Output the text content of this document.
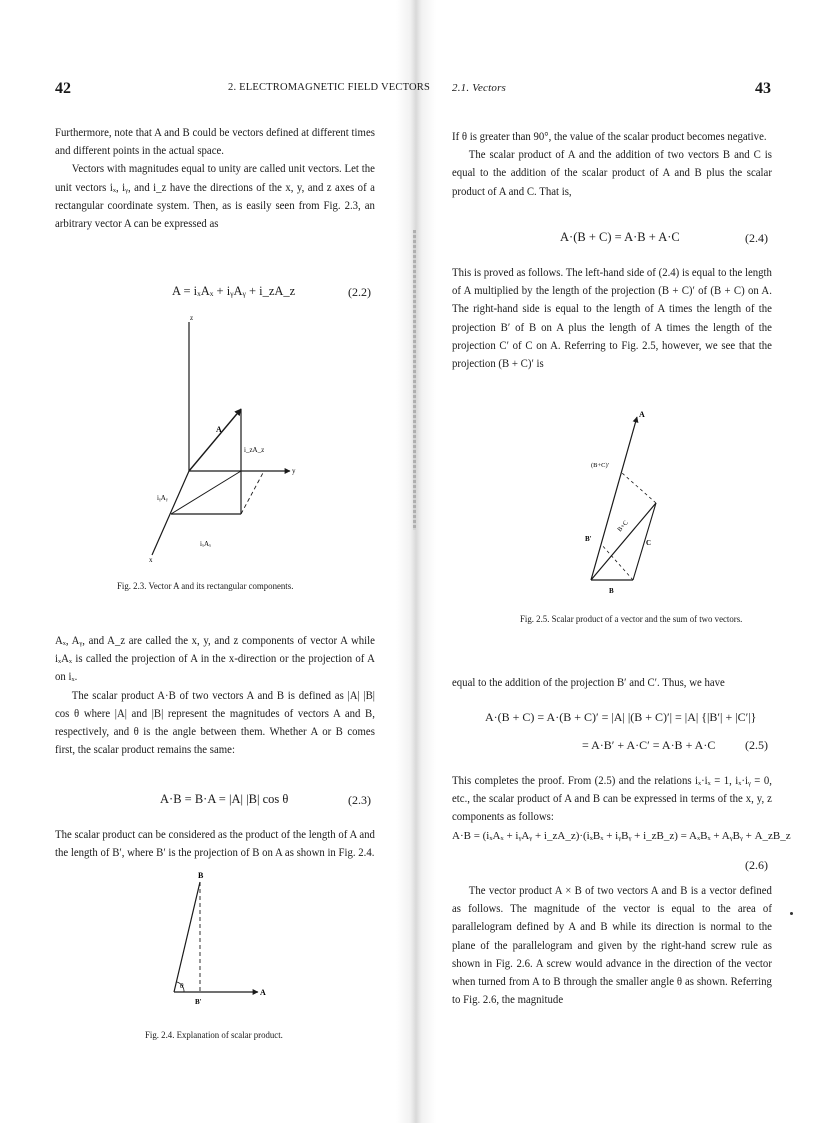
42	2. ELECTROMAGNETIC FIELD VECTORS

Furthermore, note that A and B could be vectors defined at different times and different points in the actual space.

Vectors with magnitudes equal to unity are called unit vectors. Let the unit vectors iₓ, iᵧ, and i_z have the directions of the x, y, and z axes of a rectangular coordinate system. Then, as is easily seen from Fig. 2.3, an arbitrary vector A can be expressed as

A = iₓAₓ + iᵧAᵧ + i_zA_z	(2.2)
z
y
x
A
i_zA_z
iᵧAᵧ
iₓAₓ
Fig. 2.3. Vector A and its rectangular components.

Aₓ, Aᵧ, and A_z are called the x, y, and z components of vector A while iₓAₓ is called the projection of A in the x-direction or the projection of A on iₓ.

The scalar product A·B of two vectors A and B is defined as |A| |B| cos θ where |A| and |B| represent the magnitudes of vectors A and B, respectively, and θ is the angle between them. Whether A or B comes first, the scalar product remains the same:

A·B = B·A = |A| |B| cos θ	(2.3)

The scalar product can be considered as the product of the length of A and the length of B′, where B′ is the projection of B on A as shown in Fig. 2.4.

B
A
θ
B′
Fig. 2.4. Explanation of scalar product.
2.1. Vectors	43

If θ is greater than 90°, the value of the scalar product becomes negative.

The scalar product of A and the addition of two vectors B and C is equal to the addition of the scalar product of A and B plus the scalar product of A and C. That is,

A·(B + C) = A·B + A·C	(2.4)

This is proved as follows. The left-hand side of (2.4) is equal to the length of A multiplied by the length of the projection (B + C)′ of (B + C) on A. The right-hand side is equal to the length of A times the length of the projection B′ of B on A plus the length of A times the length of the projection C′ of C on A. Referring to Fig. 2.5, however, we see that the projection (B + C)′ is

A
(B+C)′
B+C
B′	C
B
Fig. 2.5. Scalar product of a vector and the sum of two vectors.

equal to the addition of the projection B′ and C′. Thus, we have

A·(B + C) = A·(B + C)′ = |A| |(B + C)′| = |A| {|B′| + |C′|}
= A·B′ + A·C′ = A·B + A·C (2.5)

This completes the proof. From (2.5) and the relations iₓ·iₓ = 1, iₓ·iᵧ = 0, etc., the scalar product of A and B can be expressed in terms of the x, y, z components as follows:

A·B = (iₓAₓ + iᵧAᵧ + i_zA_z)·(iₓBₓ + iᵧBᵧ + i_zB_z) = AₓBₓ + AᵧBᵧ + A_zB_z
(2.6)

The vector product A × B of two vectors A and B is a vector defined as follows. The magnitude of the vector is equal to the area of parallelogram defined by A and B while its direction is normal to the plane of the parallelogram and given by the right-hand screw rule as shown in Fig. 2.6. A screw would advance in the direction of the vector when turned from A to B through the smaller angle θ as shown. Referring to Fig. 2.6, the magnitude
